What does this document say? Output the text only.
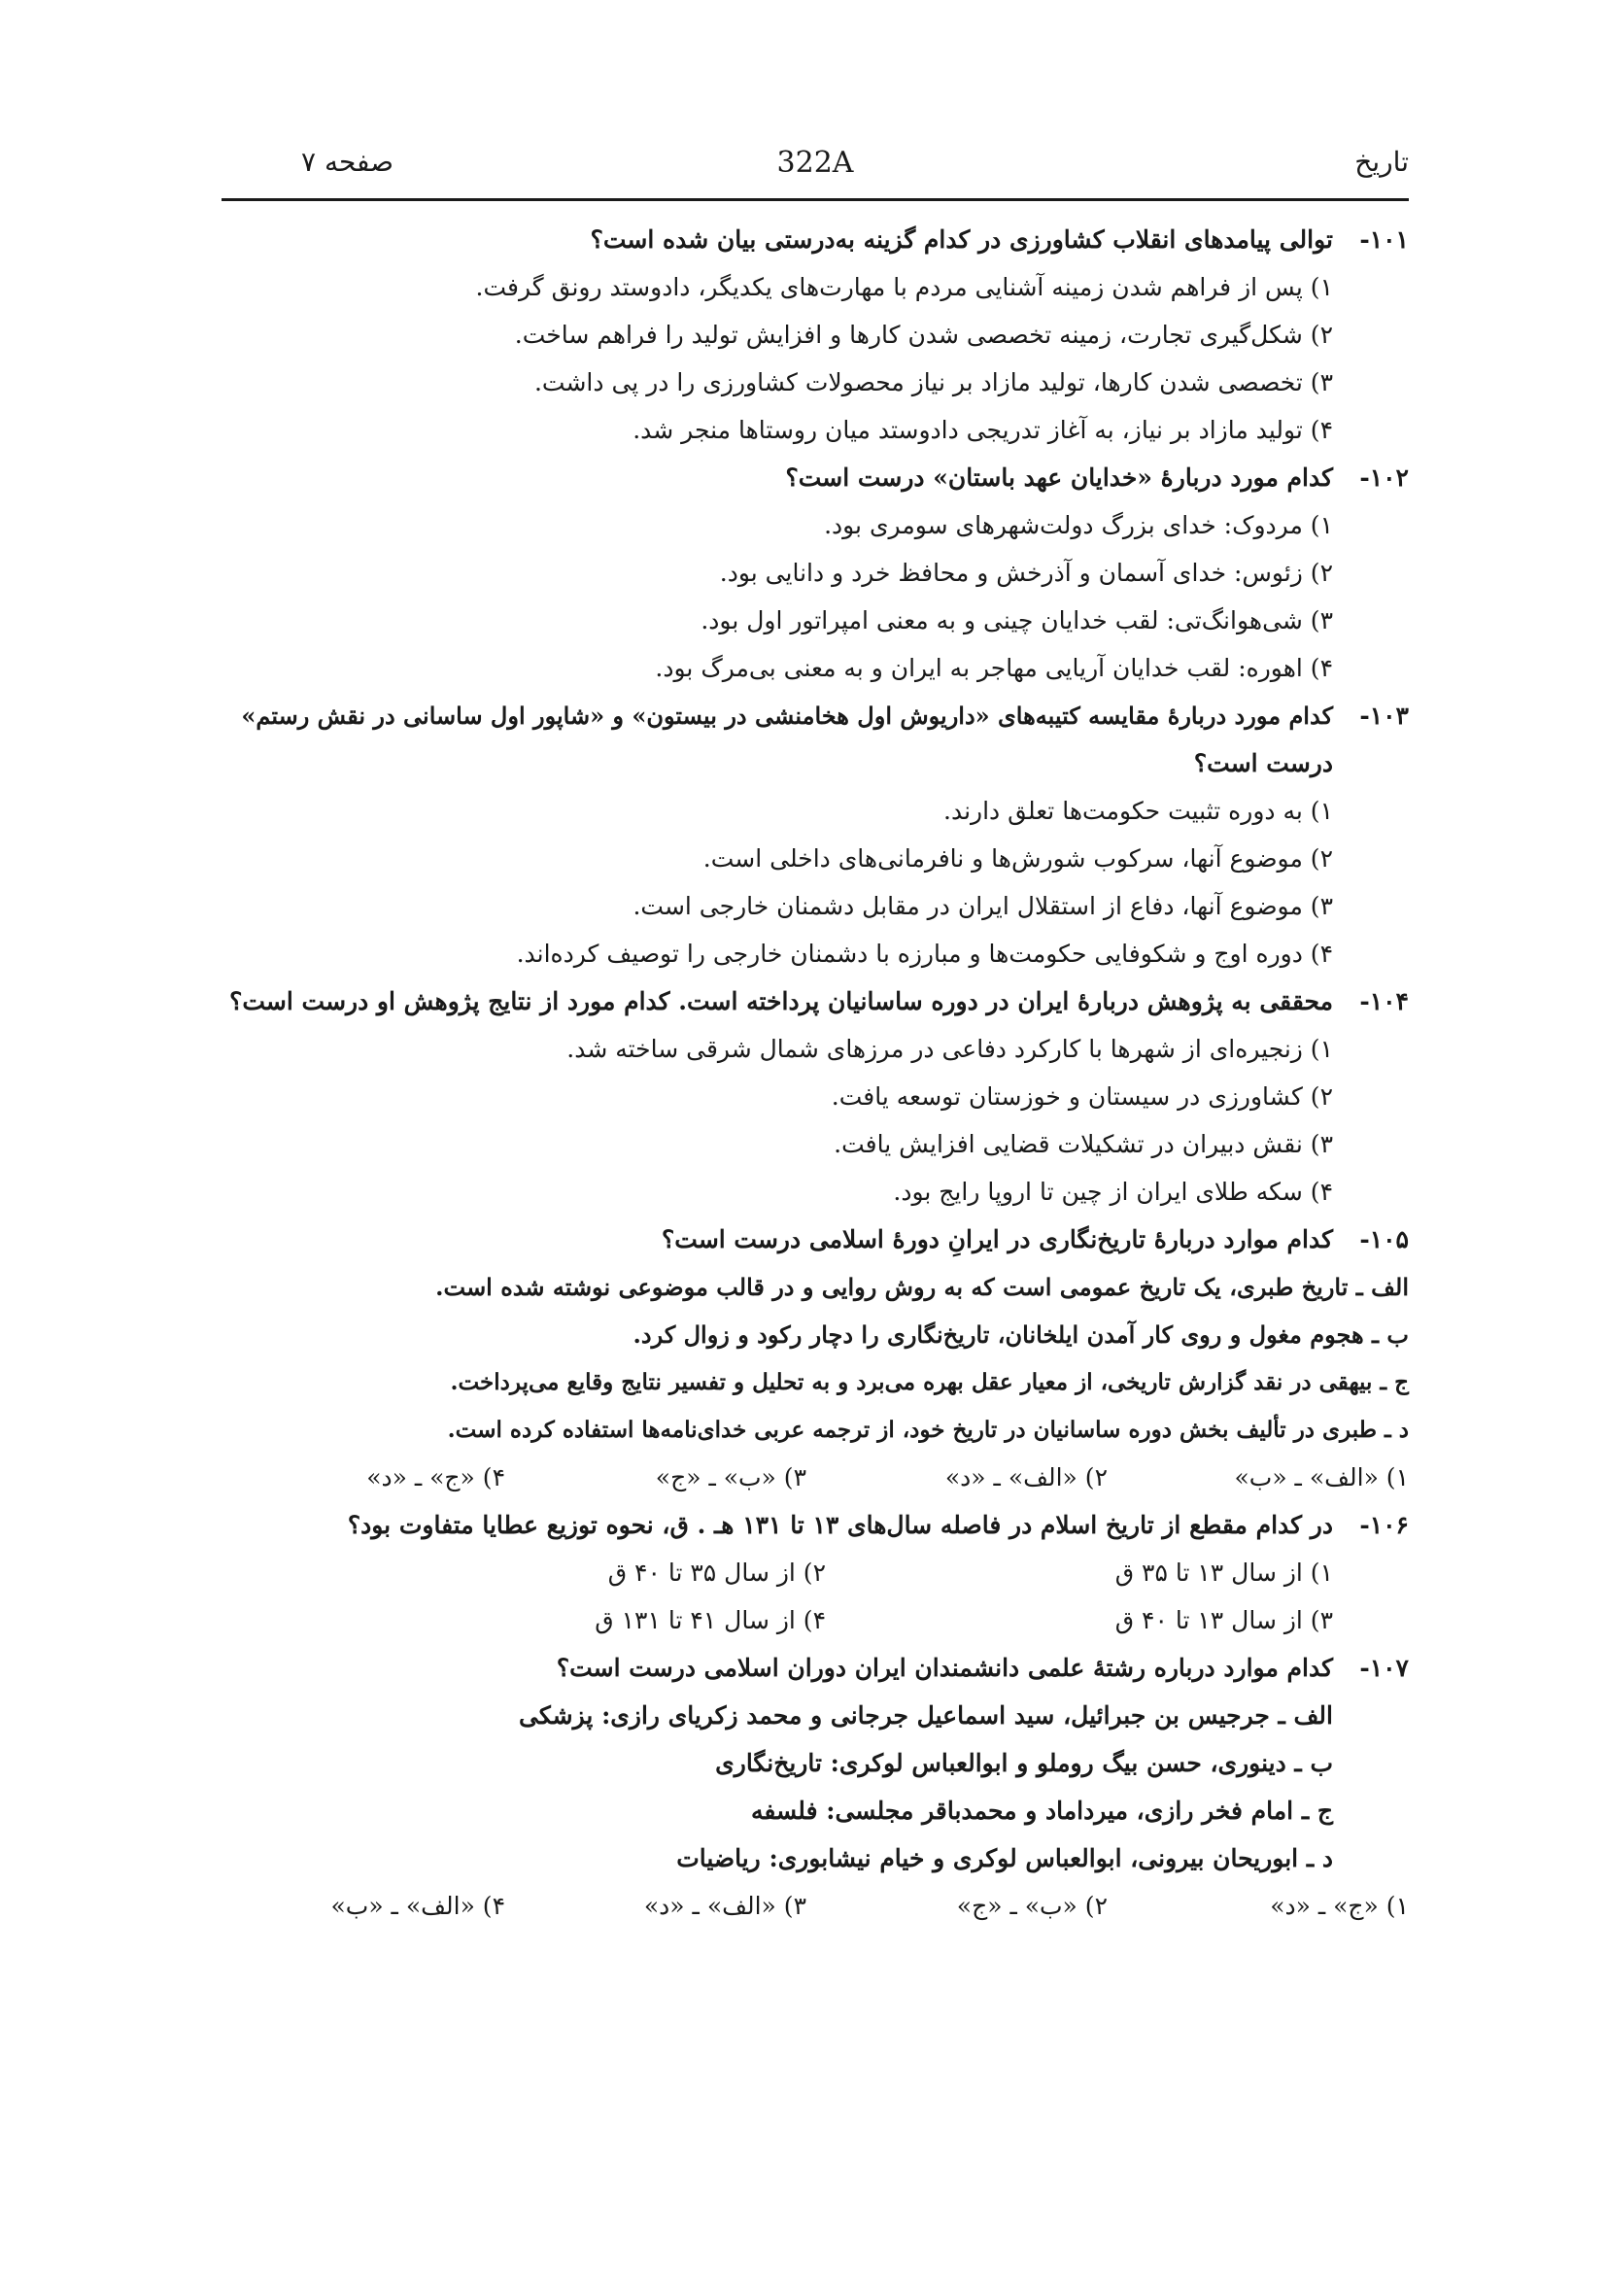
تاریخ
322A
صفحه ۷
۱۰۱-
توالی پیامدهای انقلاب کشاورزی در کدام گزینه به‌درستی بیان شده است؟
۱) پس از فراهم شدن زمینه آشنایی مردم با مهارت‌های یکدیگر، دادوستد رونق گرفت.
۲) شکل‌گیری تجارت، زمینه تخصصی شدن کارها و افزایش تولید را فراهم ساخت.
۳) تخصصی شدن کارها، تولید مازاد بر نیاز محصولات کشاورزی را در پی داشت.
۴) تولید مازاد بر نیاز، به آغاز تدریجی دادوستد میان روستاها منجر شد.
۱۰۲-
کدام مورد دربارهٔ «خدایان عهد باستان» درست است؟
۱) مردوک: خدای بزرگ دولت‌شهرهای سومری بود.
۲) زئوس: خدای آسمان و آذرخش و محافظ خرد و دانایی بود.
۳) شی‌هوانگ‌تی: لقب خدایان چینی و به معنی امپراتور اول بود.
۴) اهوره: لقب خدایان آریایی مهاجر به ایران و به معنی بی‌مرگ بود.
۱۰۳-
کدام مورد دربارهٔ مقایسه کتیبه‌های «داریوش اول هخامنشی در بیستون» و «شاپور اول ساسانی در نقش رستم»
درست است؟
۱) به دوره تثبیت حکومت‌ها تعلق دارند.
۲) موضوع آنها، سرکوب شورش‌ها و نافرمانی‌های داخلی است.
۳) موضوع آنها، دفاع از استقلال ایران در مقابل دشمنان خارجی است.
۴) دوره اوج و شکوفایی حکومت‌ها و مبارزه با دشمنان خارجی را توصیف کرده‌اند.
۱۰۴-
محققی به پژوهش دربارهٔ ایران در دوره ساسانیان پرداخته است. کدام مورد از نتایج پژوهش او درست است؟
۱) زنجیره‌ای از شهرها با کارکرد دفاعی در مرزهای شمال شرقی ساخته شد.
۲) کشاورزی در سیستان و خوزستان توسعه یافت.
۳) نقش دبیران در تشکیلات قضایی افزایش یافت.
۴) سکه طلای ایران از چین تا اروپا رایج بود.
۱۰۵-
کدام موارد دربارهٔ تاریخ‌نگاری در ایرانِ دورهٔ اسلامی درست است؟
الف ـ تاریخ طبری، یک تاریخ عمومی است که به روش روایی و در قالب موضوعی نوشته شده است.
ب ـ هجوم مغول و روی کار آمدن ایلخانان، تاریخ‌نگاری را دچار رکود و زوال کرد.
ج ـ بیهقی در نقد گزارش تاریخی، از معیار عقل بهره می‌برد و به تحلیل و تفسیر نتایج وقایع می‌پرداخت.
د ـ طبری در تألیف بخش دوره ساسانیان در تاریخ خود، از ترجمه عربی خدای‌نامه‌ها استفاده کرده است.
۱) «الف» ـ «ب»
۲) «الف» ـ «د»
۳) «ب» ـ «ج»
۴) «ج» ـ «د»
۱۰۶-
در کدام مقطع از تاریخ اسلام در فاصله سال‌های ۱۳ تا ۱۳۱ هـ . ق، نحوه توزیع عطایا متفاوت بود؟
۱) از سال ۱۳ تا ۳۵ ق
۲) از سال ۳۵ تا ۴۰ ق
۳) از سال ۱۳ تا ۴۰ ق
۴) از سال ۴۱ تا ۱۳۱ ق
۱۰۷-
کدام موارد درباره رشتهٔ علمی دانشمندان ایران دوران اسلامی درست است؟
الف ـ جرجیس بن جبرائیل، سید اسماعیل جرجانی و محمد زکریای رازی: پزشکی
ب ـ دینوری، حسن بیگ روملو و ابوالعباس لوکری: تاریخ‌نگاری
ج ـ امام فخر رازی، میرداماد و محمدباقر مجلسی: فلسفه
د ـ ابوریحان بیرونی، ابوالعباس لوکری و خیام نیشابوری: ریاضیات
۱) «ج» ـ «د»
۲) «ب» ـ «ج»
۳) «الف» ـ «د»
۴) «الف» ـ «ب»
